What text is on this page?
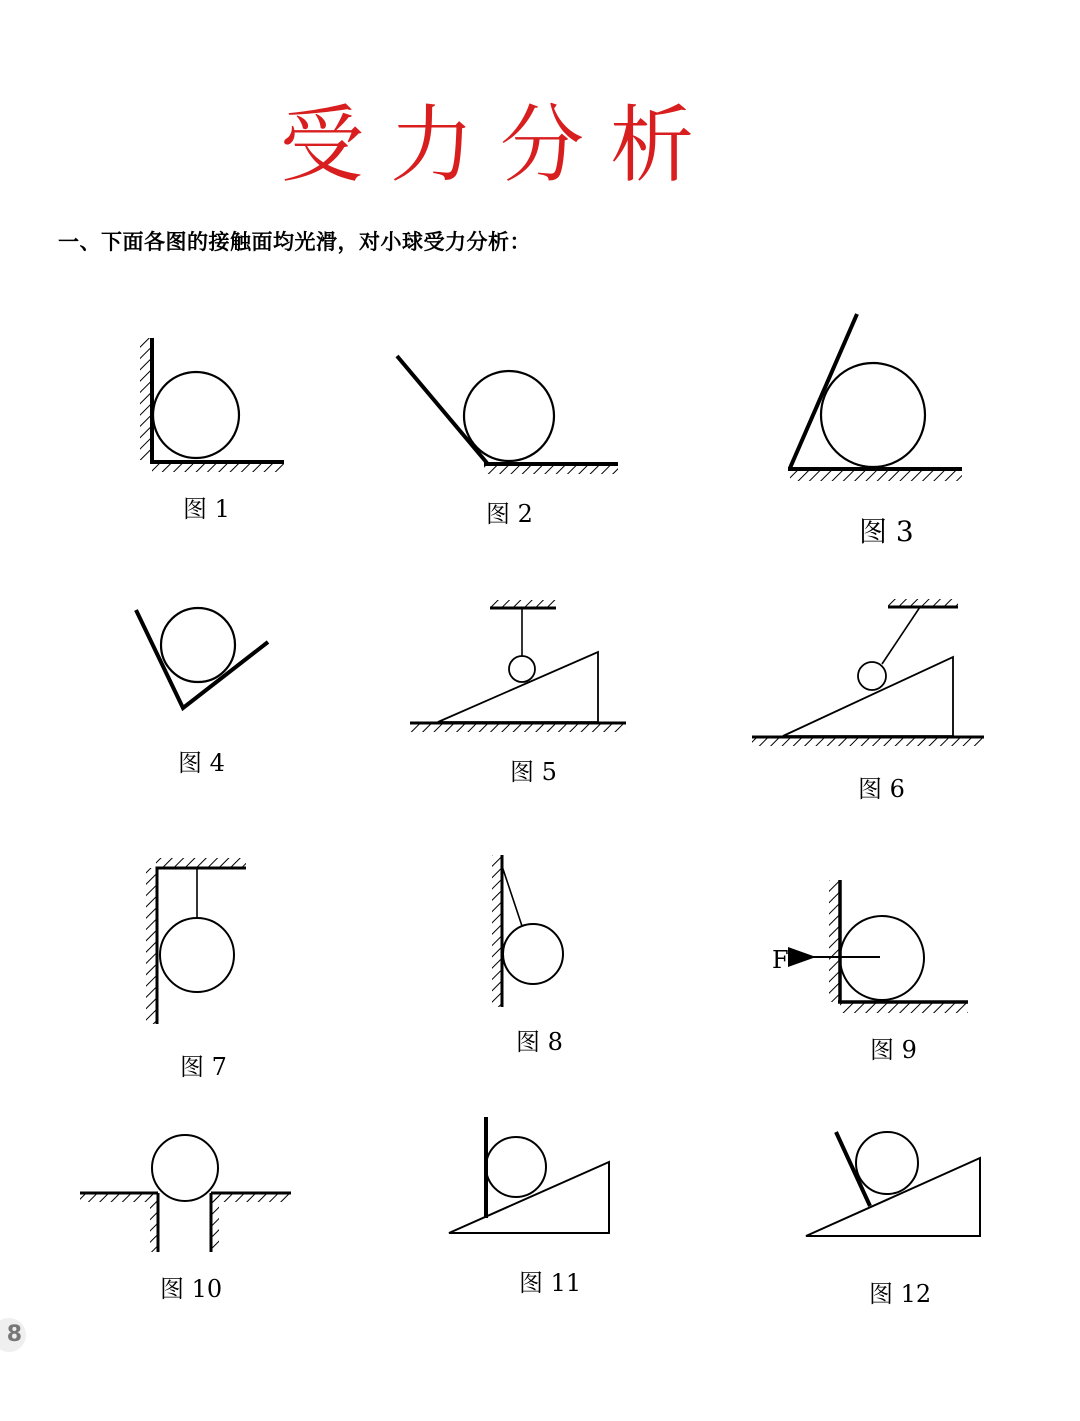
受力分析
一、下面各图的接触面均光滑，对小球受力分析：
图 1	图 2
图 3
图 4	图 5
图 6
图 7
图 8	图 9
图 10	图 11	图 12
F
8
